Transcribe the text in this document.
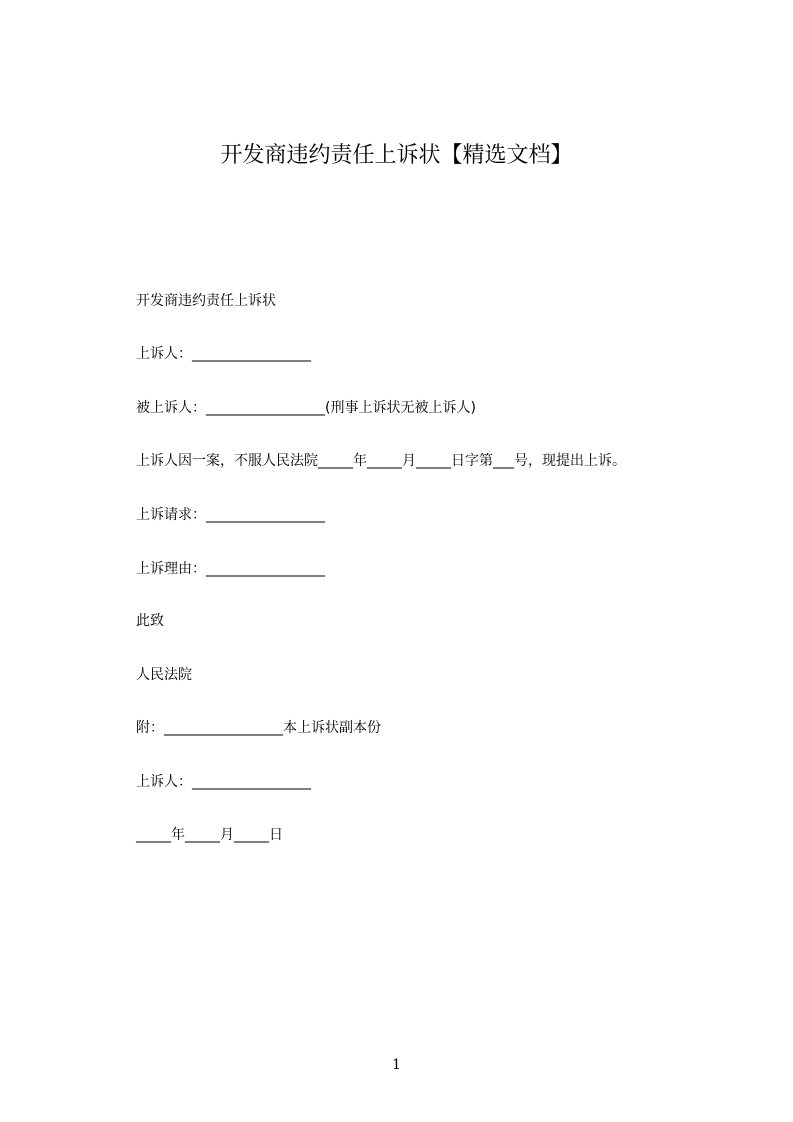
开发商违约责任上诉状【精选文档】
开发商违约责任上诉状
上诉人：_________________
被上诉人：_________________(刑事上诉状无被上诉人)
上诉人因一案，不服人民法院_____年_____月_____日字第___号，现提出上诉。
上诉请求：_________________
上诉理由：_________________
此致
人民法院
附：_________________本上诉状副本份
上诉人：_________________
_____年_____月_____日
1
